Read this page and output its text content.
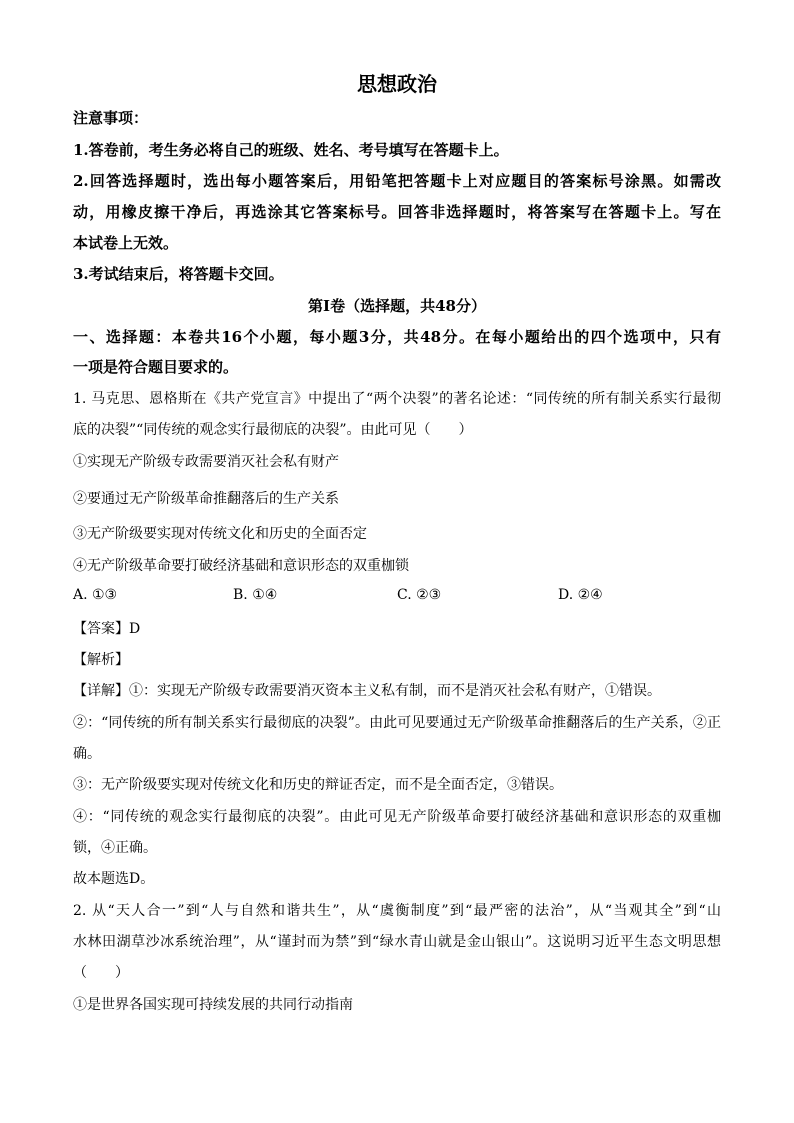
思想政治
注意事项：
1.答卷前，考生务必将自己的班级、姓名、考号填写在答题卡上。
2.回答选择题时，选出每小题答案后，用铅笔把答题卡上对应题目的答案标号涂黑。如需改
动，用橡皮擦干净后，再选涂其它答案标号。回答非选择题时，将答案写在答题卡上。写在
本试卷上无效。
3.考试结束后，将答题卡交回。
第Ⅰ卷（选择题，共48分）
一、选择题：本卷共16个小题，每小题3分，共48分。在每小题给出的四个选项中，只有
一项是符合题目要求的。
1. 马克思、恩格斯在《共产党宣言》中提出了“两个决裂”的著名论述：“同传统的所有制关系实行最彻
底的决裂”“同传统的观念实行最彻底的决裂”。由此可见（　　）
①实现无产阶级专政需要消灭社会私有财产
②要通过无产阶级革命推翻落后的生产关系
③无产阶级要实现对传统文化和历史的全面否定
④无产阶级革命要打破经济基础和意识形态的双重枷锁
A. ①③	B. ①④	C. ②③	D. ②④
【答案】D
【解析】
【详解】①：实现无产阶级专政需要消灭资本主义私有制，而不是消灭社会私有财产，①错误。
②：“同传统的所有制关系实行最彻底的决裂”。由此可见要通过无产阶级革命推翻落后的生产关系，②正
确。
③：无产阶级要实现对传统文化和历史的辩证否定，而不是全面否定，③错误。
④：“同传统的观念实行最彻底的决裂”。由此可见无产阶级革命要打破经济基础和意识形态的双重枷
锁，④正确。
故本题选D。
2. 从“天人合一”到“人与自然和谐共生”，从“虞衡制度”到“最严密的法治”，从“当观其全”到“山
水林田湖草沙冰系统治理”，从“谨封而为禁”到“绿水青山就是金山银山”。这说明习近平生态文明思想
（　　）
①是世界各国实现可持续发展的共同行动指南
